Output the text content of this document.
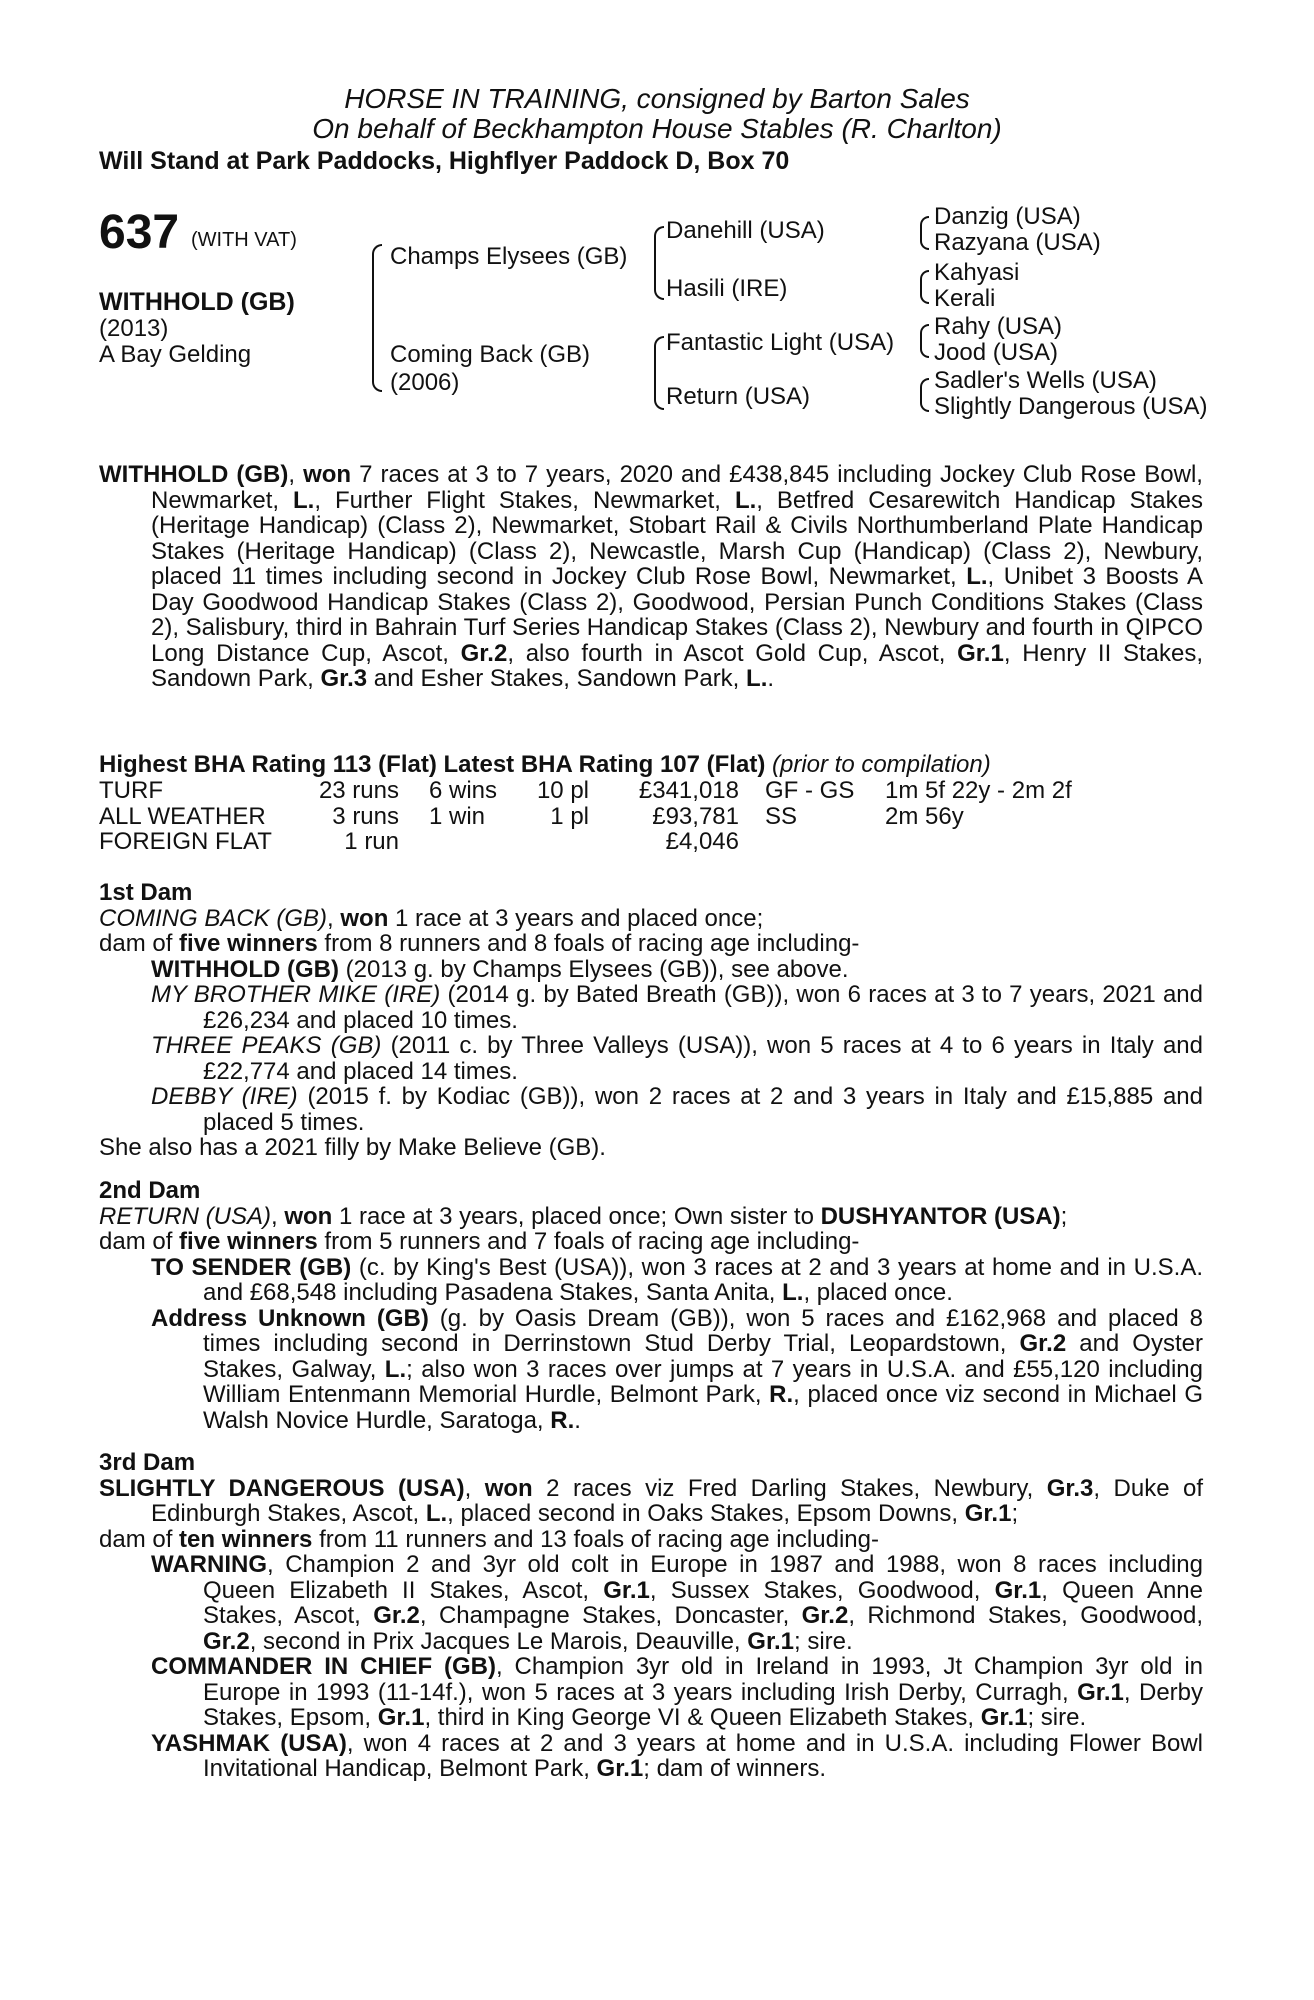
HORSE IN TRAINING, consigned by Barton Sales
On behalf of Beckhampton House Stables (R. Charlton)
Will Stand at Park Paddocks, Highflyer Paddock D, Box 70
637 (WITH VAT)
WITHHOLD (GB)
(2013)
A Bay Gelding
Champs Elysees (GB)
Coming Back (GB)
(2006)
Danehill (USA)
Hasili (IRE)
Fantastic Light (USA)
Return (USA)
Danzig (USA)
Razyana (USA)
Kahyasi
Kerali
Rahy (USA)
Jood (USA)
Sadler's Wells (USA)
Slightly Dangerous (USA)

WITHHOLD (GB), won 7 races at 3 to 7 years, 2020 and £438,845 including Jockey Club Rose Bowl, Newmarket, L., Further Flight Stakes, Newmarket, L., Betfred Cesarewitch Handicap Stakes (Heritage Handicap) (Class 2), Newmarket, Stobart Rail & Civils Northumberland Plate Handicap Stakes (Heritage Handicap) (Class 2), Newcastle, Marsh Cup (Handicap) (Class 2), Newbury, placed 11 times including second in Jockey Club Rose Bowl, Newmarket, L., Unibet 3 Boosts A Day Goodwood Handicap Stakes (Class 2), Goodwood, Persian Punch Conditions Stakes (Class 2), Salisbury, third in Bahrain Turf Series Handicap Stakes (Class 2), Newbury and fourth in QIPCO Long Distance Cup, Ascot, Gr.2, also fourth in Ascot Gold Cup, Ascot, Gr.1, Henry II Stakes, Sandown Park, Gr.3 and Esher Stakes, Sandown Park, L..

Highest BHA Rating 113 (Flat) Latest BHA Rating 107 (Flat) (prior to compilation)
TURF	23 runs	6 wins	10 pl	£341,018	GF - GS	1m 5f 22y - 2m 2f
ALL WEATHER	3 runs	1 win	1 pl	£93,781	SS	2m 56y
FOREIGN FLAT	1 run			£4,046		

1st Dam

COMING BACK (GB), won 1 race at 3 years and placed once;

dam of five winners from 8 runners and 8 foals of racing age including-

WITHHOLD (GB) (2013 g. by Champs Elysees (GB)), see above.

MY BROTHER MIKE (IRE) (2014 g. by Bated Breath (GB)), won 6 races at 3 to 7 years, 2021 and £26,234 and placed 10 times.

THREE PEAKS (GB) (2011 c. by Three Valleys (USA)), won 5 races at 4 to 6 years in Italy and £22,774 and placed 14 times.

DEBBY (IRE) (2015 f. by Kodiac (GB)), won 2 races at 2 and 3 years in Italy and £15,885 and placed 5 times.

She also has a 2021 filly by Make Believe (GB).

2nd Dam

RETURN (USA), won 1 race at 3 years, placed once; Own sister to DUSHYANTOR (USA);

dam of five winners from 5 runners and 7 foals of racing age including-

TO SENDER (GB) (c. by King's Best (USA)), won 3 races at 2 and 3 years at home and in U.S.A. and £68,548 including Pasadena Stakes, Santa Anita, L., placed once.

Address Unknown (GB) (g. by Oasis Dream (GB)), won 5 races and £162,968 and placed 8 times including second in Derrinstown Stud Derby Trial, Leopardstown, Gr.2 and Oyster Stakes, Galway, L.; also won 3 races over jumps at 7 years in U.S.A. and £55,120 including William Entenmann Memorial Hurdle, Belmont Park, R., placed once viz second in Michael G Walsh Novice Hurdle, Saratoga, R..

3rd Dam

SLIGHTLY DANGEROUS (USA), won 2 races viz Fred Darling Stakes, Newbury, Gr.3, Duke of Edinburgh Stakes, Ascot, L., placed second in Oaks Stakes, Epsom Downs, Gr.1;

dam of ten winners from 11 runners and 13 foals of racing age including-

WARNING, Champion 2 and 3yr old colt in Europe in 1987 and 1988, won 8 races including Queen Elizabeth II Stakes, Ascot, Gr.1, Sussex Stakes, Goodwood, Gr.1, Queen Anne Stakes, Ascot, Gr.2, Champagne Stakes, Doncaster, Gr.2, Richmond Stakes, Goodwood, Gr.2, second in Prix Jacques Le Marois, Deauville, Gr.1; sire.

COMMANDER IN CHIEF (GB), Champion 3yr old in Ireland in 1993, Jt Champion 3yr old in Europe in 1993 (11-14f.), won 5 races at 3 years including Irish Derby, Curragh, Gr.1, Derby Stakes, Epsom, Gr.1, third in King George VI & Queen Elizabeth Stakes, Gr.1; sire.

YASHMAK (USA), won 4 races at 2 and 3 years at home and in U.S.A. including Flower Bowl Invitational Handicap, Belmont Park, Gr.1; dam of winners.
